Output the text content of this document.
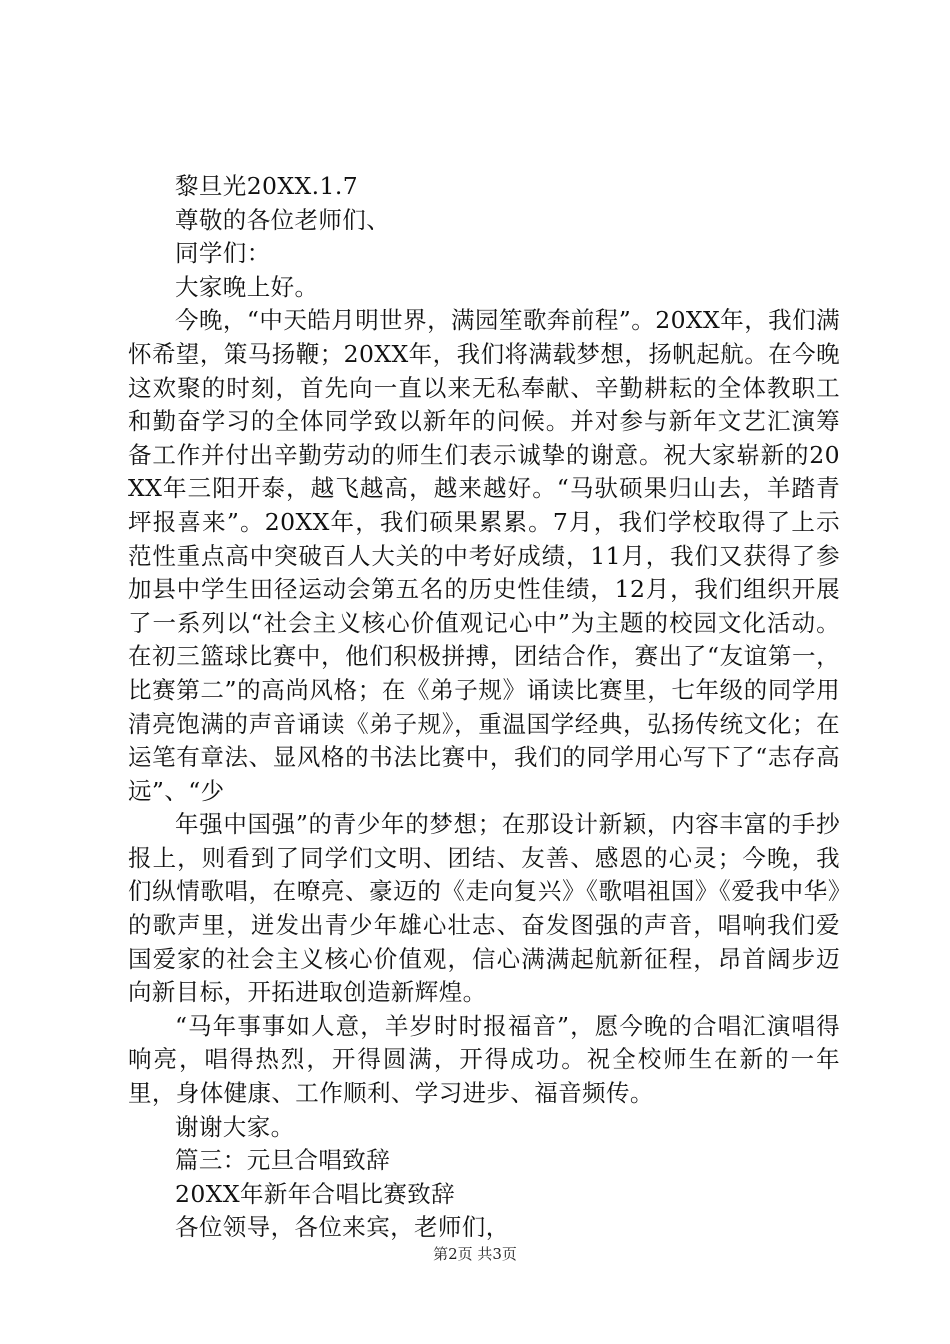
黎旦光20XX.1.7

尊敬的各位老师们、

同学们：

大家晚上好。

今晚，“中天皓月明世界，满园笙歌奔前程”。20XX年，我们满怀希望，策马扬鞭；20XX年，我们将满载梦想，扬帆起航。在今晚这欢聚的时刻，首先向一直以来无私奉献、辛勤耕耘的全体教职工和勤奋学习的全体同学致以新年的问候。并对参与新年文艺汇演筹备工作并付出辛勤劳动的师生们表示诚挚的谢意。祝大家崭新的20XX年三阳开泰，越飞越高，越来越好。“马驮硕果归山去，羊踏青坪报喜来”。20XX年，我们硕果累累。7月，我们学校取得了上示范性重点高中突破百人大关的中考好成绩，11月，我们又获得了参加县中学生田径运动会第五名的历史性佳绩，12月，我们组织开展了一系列以“社会主义核心价值观记心中”为主题的校园文化活动。在初三篮球比赛中，他们积极拼搏，团结合作，赛出了“友谊第一，比赛第二”的高尚风格；在《弟子规》诵读比赛里，七年级的同学用清亮饱满的声音诵读《弟子规》，重温国学经典，弘扬传统文化；在运笔有章法、显风格的书法比赛中，我们的同学用心写下了“志存高远”、“少

年强中国强”的青少年的梦想；在那设计新颖，内容丰富的手抄报上，则看到了同学们文明、团结、友善、感恩的心灵；今晚，我们纵情歌唱，在嘹亮、豪迈的《走向复兴》《歌唱祖国》《爱我中华》的歌声里，迸发出青少年雄心壮志、奋发图强的声音，唱响我们爱国爱家的社会主义核心价值观，信心满满起航新征程，昂首阔步迈向新目标，开拓进取创造新辉煌。

“马年事事如人意，羊岁时时报福音”，愿今晚的合唱汇演唱得响亮，唱得热烈，开得圆满，开得成功。祝全校师生在新的一年里，身体健康、工作顺利、学习进步、福音频传。

谢谢大家。

篇三：元旦合唱致辞

20XX年新年合唱比赛致辞

各位领导，各位来宾，老师们，

第2页 共3页
